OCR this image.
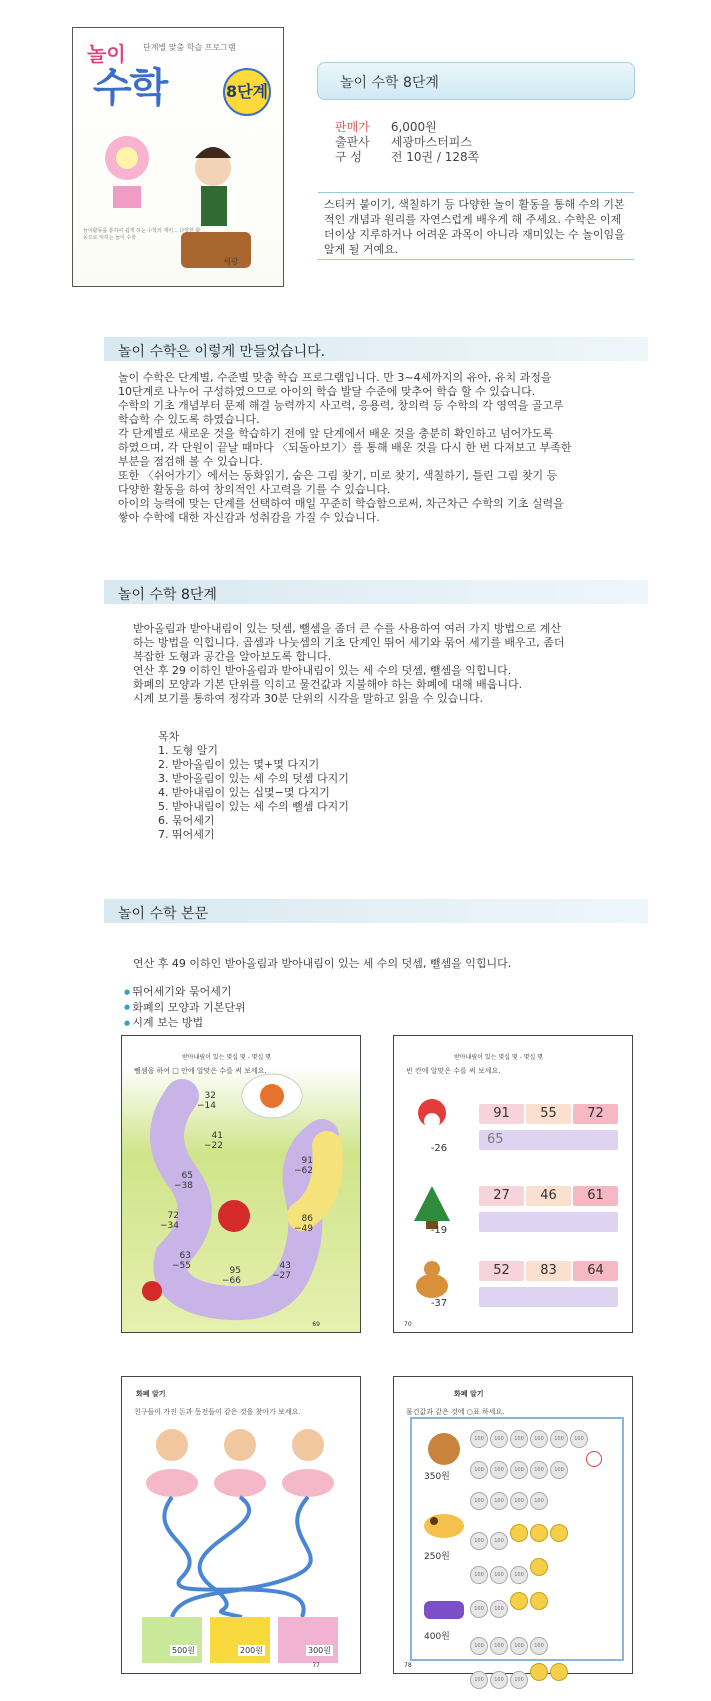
놀이 단계별 맞춤 학습 프로그램
수학	8단계
놀이활동을 통하여 쉽게 하는 수학의 재미... 다양한 활동으로 익히는 놀이 수학
세광
놀이 수학 8단계
판매가 6,000원
출판사 세광마스터피스
구 성 전 10권 / 128쪽

스티커 붙이기, 색칠하기 등 다양한 놀이 활동을 통해 수의 기본적인 개념과 원리를 자연스럽게 배우게 해 주세요. 수학은 이제 더이상 지루하거나 어려운 과목이 아니라 재미있는 수 놀이임을 알게 될 거예요.

놀이 수학은 이렇게 만들었습니다.
놀이 수학은 단계별, 수준별 맞춤 학습 프로그램입니다. 만 3~4세까지의 유아, 유치 과정을
10단계로 나누어 구성하였으므로 아이의 학습 발달 수준에 맞추어 학습 할 수 있습니다.
수학의 기초 개념부터 문제 해결 능력까지 사고력, 응용력, 창의력 등 수학의 각 영역을 골고루
학습학 수 있도록 하였습니다.
각 단계별로 새로운 것을 학습하기 전에 앞 단계에서 배운 것을 충분히 확인하고 넘어가도록
하였으며, 각 단원이 끝날 때마다 〈되돌아보기〉를 통해 배운 것을 다시 한 번 다져보고 부족한
부분을 점검해 볼 수 있습니다.
또한 〈쉬어가기〉에서는 동화읽기, 숨은 그림 찾기, 미로 찾기, 색칠하기, 틀린 그림 찾기 등
다양한 활동을 하여 창의적인 사고력을 기를 수 있습니다.
아이의 능력에 맞는 단계를 선택하여 매일 꾸준히 학습함으로써, 차근차근 수학의 기초 실력을
쌓아 수학에 대한 자신감과 성취감을 가질 수 있습니다.
놀이 수학 8단계
받아올림과 받아내림이 있는 덧셈, 뺄셈을 좀더 큰 수를 사용하여 여러 가지 방법으로 계산
하는 방법을 익힙니다. 곱셈과 나눗셈의 기초 단계인 뛰어 세기와 묶어 세기를 배우고, 좀더
복잡한 도형과 공간을 알아보도록 합니다.
연산 후 29 이하인 받아올림과 받아내림이 있는 세 수의 덧셈, 뺄셈을 익힙니다.
화폐의 모양과 기본 단위를 익히고 물건값과 지불해야 하는 화폐에 대해 배웁니다.
시계 보기를 통하여 정각과 30분 단위의 시각을 말하고 읽을 수 있습니다.
목차
1. 도형 알기
2. 받아올림이 있는 몇+몇 다지기
3. 받아올림이 있는 세 수의 덧셈 다지기
4. 받아내림이 있는 십몇−몇 다지기
5. 받아내림이 있는 세 수의 뺄셈 다지기
6. 묶어세기
7. 뛰어세기
놀이 수학 본문
연산 후 49 이하인 받아올림과 받아내림이 있는 세 수의 덧셈, 뺄셈을 익힙니다.
● 뛰어세기와 묶어세기
● 화폐의 모양과 기본단위
● 시계 보는 방법
받아내림이 있는 몇십 몇 - 몇십 몇
뺄셈을 하여 □ 안에 알맞은 수를 써 보세요.
32
−14
41
−22
65
−38
72
−34
63
−55	95
−66
43
−27
86
−49
91
−62
69
받아내림이 있는 몇십 몇 - 몇십 몇
빈 칸에 알맞은 수를 써 보세요.
-26
91	55	72
65
-19
27	46	61
-37
52	83	64
70
화폐 알기
친구들이 가진 돈과 동전들이 같은 것을 찾아가 보세요.
500원	200원	300원
77
화폐 알기
물건값과 같은 것에 ○표 하세요.
350원
250원
400원
100 100 100 100 100 100
100 100 100 100 100
100 100 100 100
100 100
100 100 100
100 100
100 100 100 100
100 100 100
78
